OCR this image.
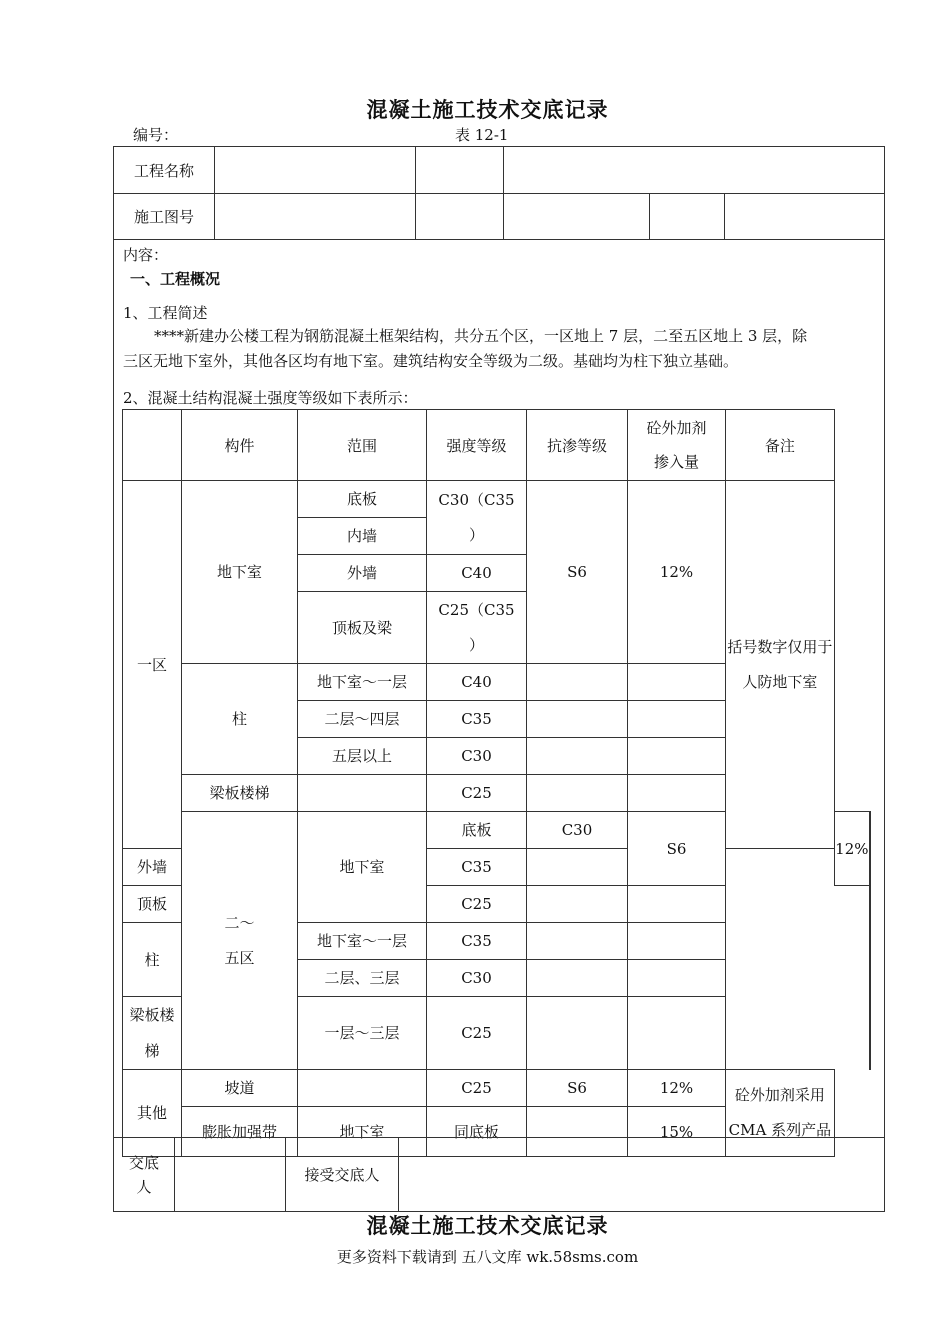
混凝土施工技术交底记录
编号：	表 12-1
工程名称					
施工图号					
内容：
一、工程概况
1、工程简述
****新建办公楼工程为钢筋混凝土框架结构，共分五个区，一区地上 7 层，二至五区地上 3 层，除
三区无地下室外，其他各区均有地下室。建筑结构安全等级为二级。基础均为柱下独立基础。
2、混凝土结构混凝土强度等级如下表所示：
	构件	范围	强度等级	抗渗等级	砼外加剂
掺入量	备注		
一区	地下室	底板	C30（C35
）	S6	12%	括号数字仅用于
人防地下室		
		内墙						
		外墙	C40					
		顶板及梁	C25（C35
）					
	柱	地下室～一层	C40					
		二层～四层	C35					
		五层以上	C30					
	梁板楼梯		C25					
	二～
五区	地下室	底板	C30	S6		12%	
外墙			C35					
顶板			C25					
柱		地下室～一层	C35					
		二层、三层	C30					
梁板楼梯		一层～三层	C25					
其他	坡道		C25	S6	12%	砼外加剂采用
CMA 系列产品		
	膨胀加强带	地下室	同底板		15%			
交底
人		接受交底人	
混凝土施工技术交底记录
更多资料下载请到 五八文库 wk.58sms.com
